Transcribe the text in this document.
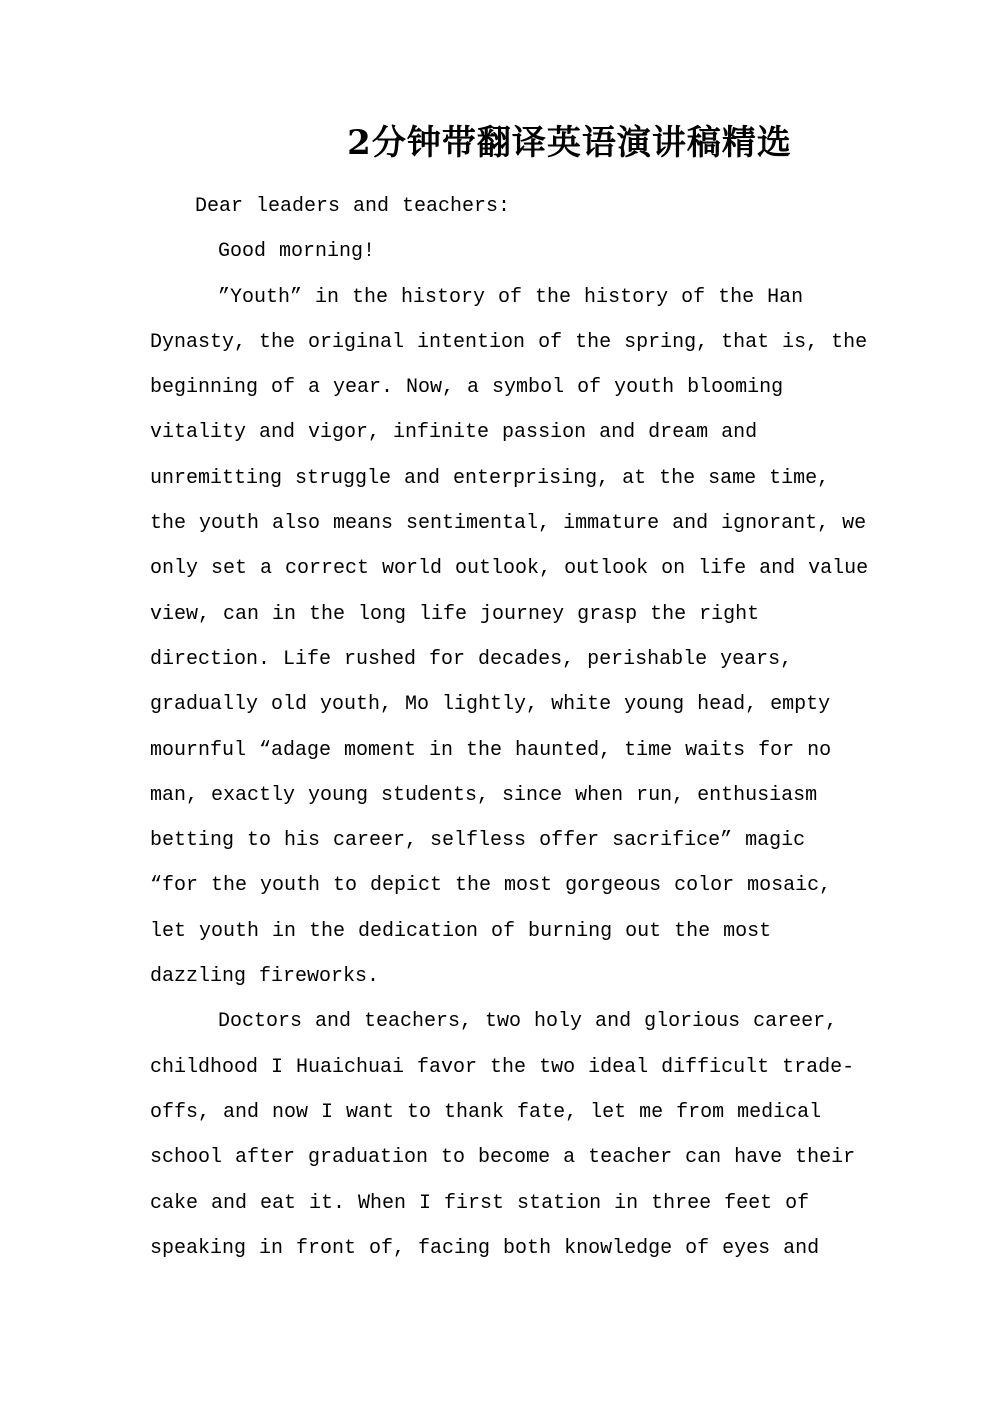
2分钟带翻译英语演讲稿精选
Dear leaders and teachers:
Good morning!
”Youth” in the history of the history of the Han
Dynasty, the original intention of the spring, that is, the
beginning of a year. Now, a symbol of youth blooming
vitality and vigor, infinite passion and dream and
unremitting struggle and enterprising, at the same time,
the youth also means sentimental, immature and ignorant, we
only set a correct world outlook, outlook on life and value
view, can in the long life journey grasp the right
direction. Life rushed for decades, perishable years,
gradually old youth, Mo lightly, white young head, empty
mournful “adage moment in the haunted, time waits for no
man, exactly young students, since when run, enthusiasm
betting to his career, selfless offer sacrifice” magic
“for the youth to depict the most gorgeous color mosaic,
let youth in the dedication of burning out the most
dazzling fireworks.
Doctors and teachers, two holy and glorious career,
childhood I Huaichuai favor the two ideal difficult trade-
offs, and now I want to thank fate, let me from medical
school after graduation to become a teacher can have their
cake and eat it. When I first station in three feet of
speaking in front of, facing both knowledge of eyes and
